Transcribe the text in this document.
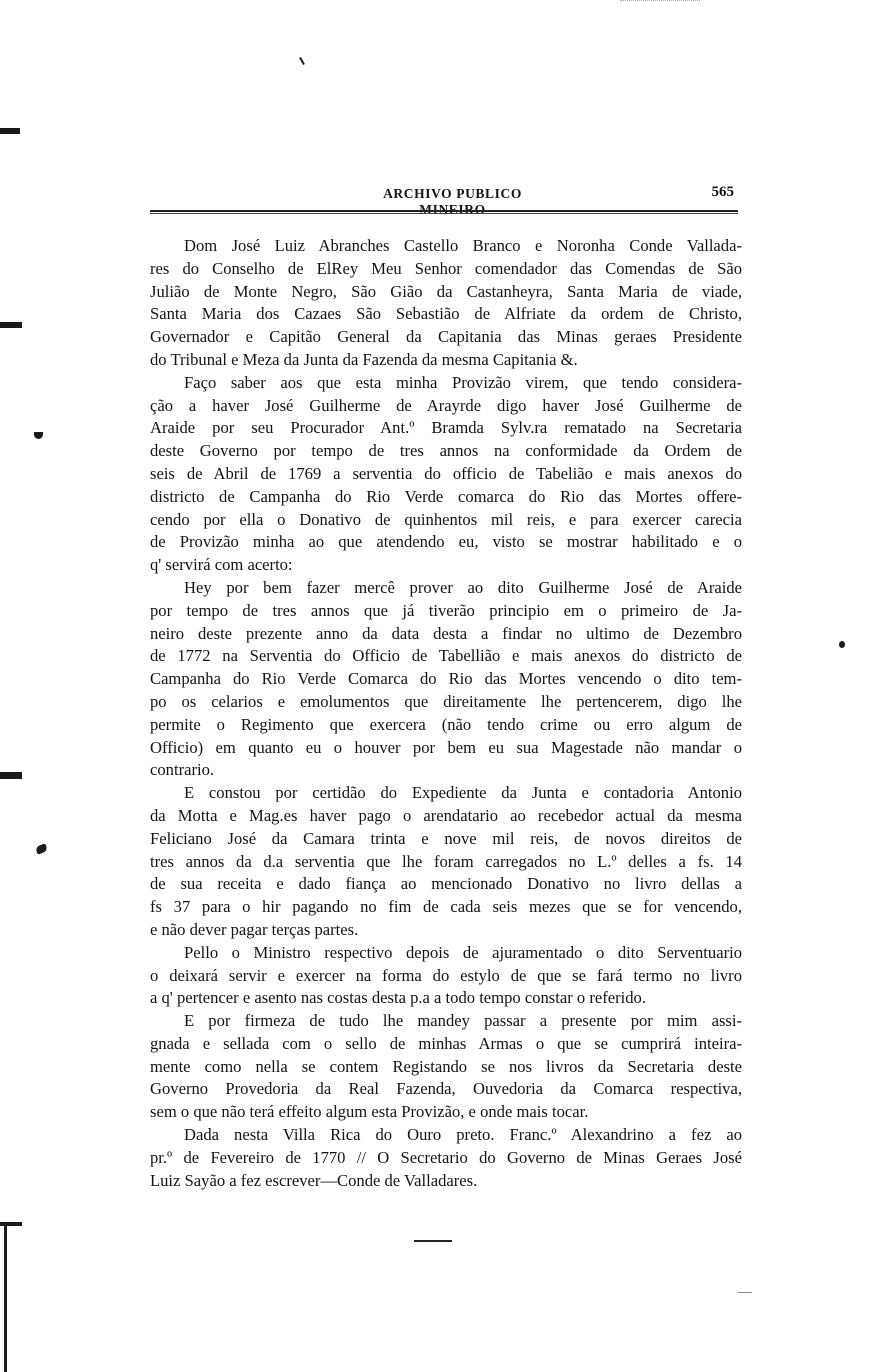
ARCHIVO PUBLICO MINEIRO
565
Dom José Luiz Abranches Castello Branco e Noronha Conde Vallada-
res do Conselho de ElRey Meu Senhor comendador das Comendas de São
Julião de Monte Negro, São Gião da Castanheyra, Santa Maria de viade,
Santa Maria dos Cazaes São Sebastião de Alfriate da ordem de Christo,
Governador e Capitão General da Capitania das Minas geraes Presidente
do Tribunal e Meza da Junta da Fazenda da mesma Capitania &.
Faço saber aos que esta minha Provizão virem, que tendo considera-
ção a haver José Guilherme de Arayrde digo haver José Guilherme de
Araide por seu Procurador Ant.º Bramda Sylv.ra rematado na Secretaria
deste Governo por tempo de tres annos na conformidade da Ordem de
seis de Abril de 1769 a serventia do officio de Tabelião e mais anexos do
districto de Campanha do Rio Verde comarca do Rio das Mortes offere-
cendo por ella o Donativo de quinhentos mil reis, e para exercer carecia
de Provizão minha ao que atendendo eu, visto se mostrar habilitado e o
q' servirá com acerto:
Hey por bem fazer mercê prover ao dito Guilherme José de Araide
por tempo de tres annos que já tiverão principio em o primeiro de Ja-
neiro deste prezente anno da data desta a findar no ultimo de Dezembro
de 1772 na Serventia do Officio de Tabellião e mais anexos do districto de
Campanha do Rio Verde Comarca do Rio das Mortes vencendo o dito tem-
po os celarios e emolumentos que direitamente lhe pertencerem, digo lhe
permite o Regimento que exercera (não tendo crime ou erro algum de
Officio) em quanto eu o houver por bem eu sua Magestade não mandar o
contrario.
E constou por certidão do Expediente da Junta e contadoria Antonio
da Motta e Mag.es haver pago o arendatario ao recebedor actual da mesma
Feliciano José da Camara trinta e nove mil reis, de novos direitos de
tres annos da d.a serventia que lhe foram carregados no L.º delles a fs. 14
de sua receita e dado fiança ao mencionado Donativo no livro dellas a
fs 37 para o hir pagando no fim de cada seis mezes que se for vencendo,
e não dever pagar terças partes.
Pello o Ministro respectivo depois de ajuramentado o dito Serventuario
o deixará servir e exercer na forma do estylo de que se fará termo no livro
a q' pertencer e asento nas costas desta p.a a todo tempo constar o referido.
E por firmeza de tudo lhe mandey passar a presente por mim assi-
gnada e sellada com o sello de minhas Armas o que se cumprirá inteira-
mente como nella se contem Registando se nos livros da Secretaria deste
Governo Provedoria da Real Fazenda, Ouvedoria da Comarca respectiva,
sem o que não terá effeito algum esta Provizão, e onde mais tocar.
Dada nesta Villa Rica do Ouro preto. Franc.º Alexandrino a fez ao
pr.º de Fevereiro de 1770 // O Secretario do Governo de Minas Geraes José
Luiz Sayão a fez escrever—Conde de Valladares.
